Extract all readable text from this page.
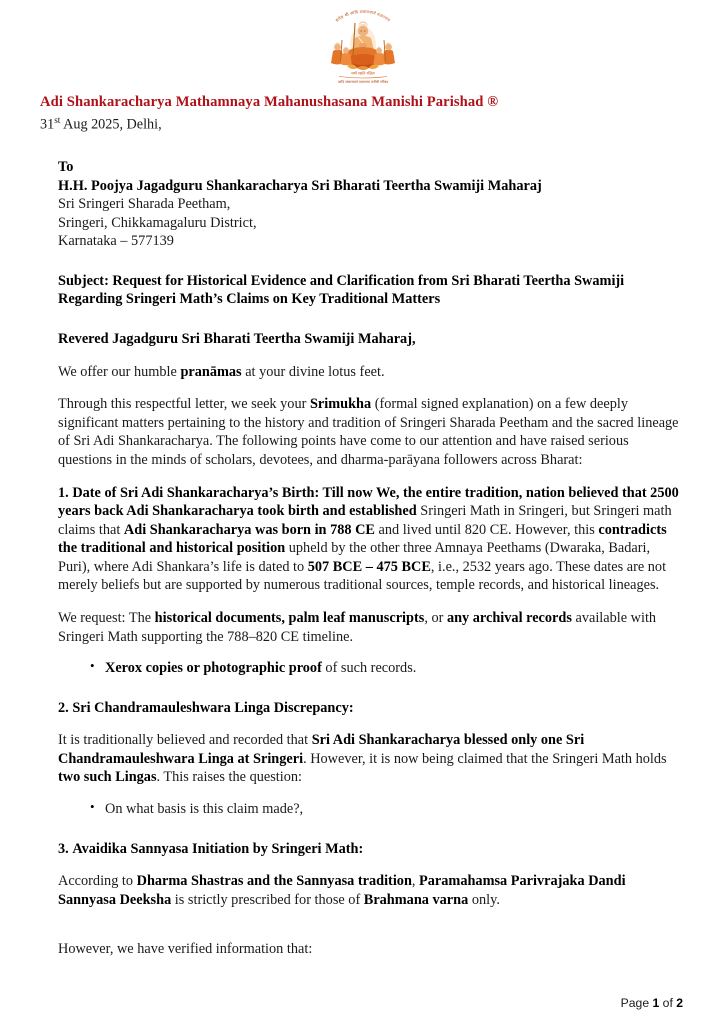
सर्वज्ञ श्री आदि शंकराचार्य मठाम्नाय
धर्मो रक्षति रक्षितः
आदि शंकराचार्य मठाम्नाय मनीषी परिषद

Adi Shankaracharya Mathamnaya Mahanushasana Manishi Parishad ®

31st Aug 2025, Delhi,

To

H.H. Poojya Jagadguru Shankaracharya Sri Bharati Teertha Swamiji Maharaj

Sri Sringeri Sharada Peetham,

Sringeri, Chikkamagaluru District,

Karnataka – 577139

Subject: Request for Historical Evidence and Clarification from Sri Bharati Teertha Swamiji

Regarding Sringeri Math’s Claims on Key Traditional Matters

Revered Jagadguru Sri Bharati Teertha Swamiji Maharaj,

We offer our humble pranāmas at your divine lotus feet.

Through this respectful letter, we seek your Srimukha (formal signed explanation) on a few deeply significant matters pertaining to the history and tradition of Sringeri Sharada Peetham and the sacred lineage of Sri Adi Shankaracharya. The following points have come to our attention and have raised serious questions in the minds of scholars, devotees, and dharma-parāyana followers across Bharat:

1. Date of Sri Adi Shankaracharya’s Birth: Till now We, the entire tradition, nation believed that 2500 years back Adi Shankaracharya took birth and established Sringeri Math in Sringeri, but Sringeri math claims that Adi Shankaracharya was born in 788 CE and lived until 820 CE. However, this contradicts the traditional and historical position upheld by the other three Amnaya Peethams (Dwaraka, Badari, Puri), where Adi Shankara’s life is dated to 507 BCE – 475 BCE, i.e., 2532 years ago. These dates are not merely beliefs but are supported by numerous traditional sources, temple records, and historical lineages.

We request: The historical documents, palm leaf manuscripts, or any archival records available with Sringeri Math supporting the 788–820 CE timeline.

• Xerox copies or photographic proof of such records.

2. Sri Chandramauleshwara Linga Discrepancy:

It is traditionally believed and recorded that Sri Adi Shankaracharya blessed only one Sri Chandramauleshwara Linga at Sringeri. However, it is now being claimed that the Sringeri Math holds two such Lingas. This raises the question:

• On what basis is this claim made?,

3. Avaidika Sannyasa Initiation by Sringeri Math:

According to Dharma Shastras and the Sannyasa tradition, Paramahamsa Parivrajaka Dandi Sannyasa Deeksha is strictly prescribed for those of Brahmana varna only.

However, we have verified information that:

Page 1 of 2
